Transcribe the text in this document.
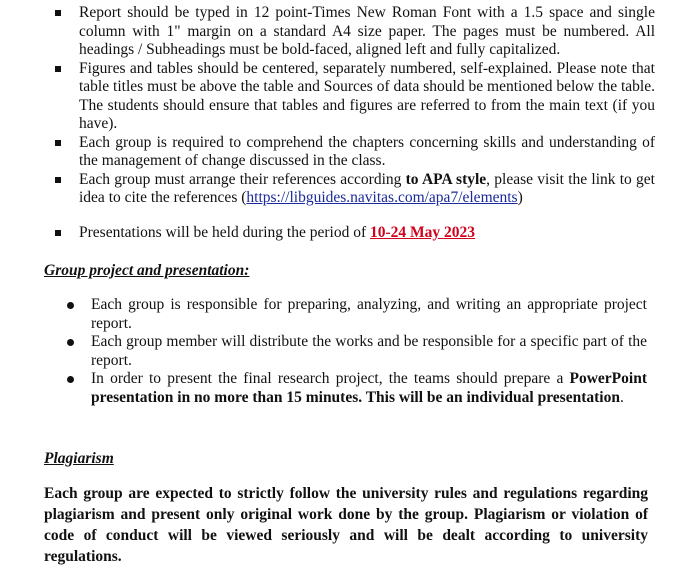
Report should be typed in 12 point-Times New Roman Font with a 1.5 space and single column with 1" margin on a standard A4 size paper. The pages must be numbered. All headings / Subheadings must be bold-faced, aligned left and fully capitalized.
Figures and tables should be centered, separately numbered, self-explained. Please note that table titles must be above the table and Sources of data should be mentioned below the table. The students should ensure that tables and figures are referred to from the main text (if you have).
Each group is required to comprehend the chapters concerning skills and understanding of the management of change discussed in the class.
Each group must arrange their references according to APA style, please visit the link to get idea to cite the references (https://libguides.navitas.com/apa7/elements)
Presentations will be held during the period of 10-24 May 2023
Group project and presentation:
Each group is responsible for preparing, analyzing, and writing an appropriate project report.
Each group member will distribute the works and be responsible for a specific part of the report.
In order to present the final research project, the teams should prepare a PowerPoint presentation in no more than 15 minutes. This will be an individual presentation.
Plagiarism
Each group are expected to strictly follow the university rules and regulations regarding plagiarism and present only original work done by the group. Plagiarism or violation of code of conduct will be viewed seriously and will be dealt according to university regulations.
